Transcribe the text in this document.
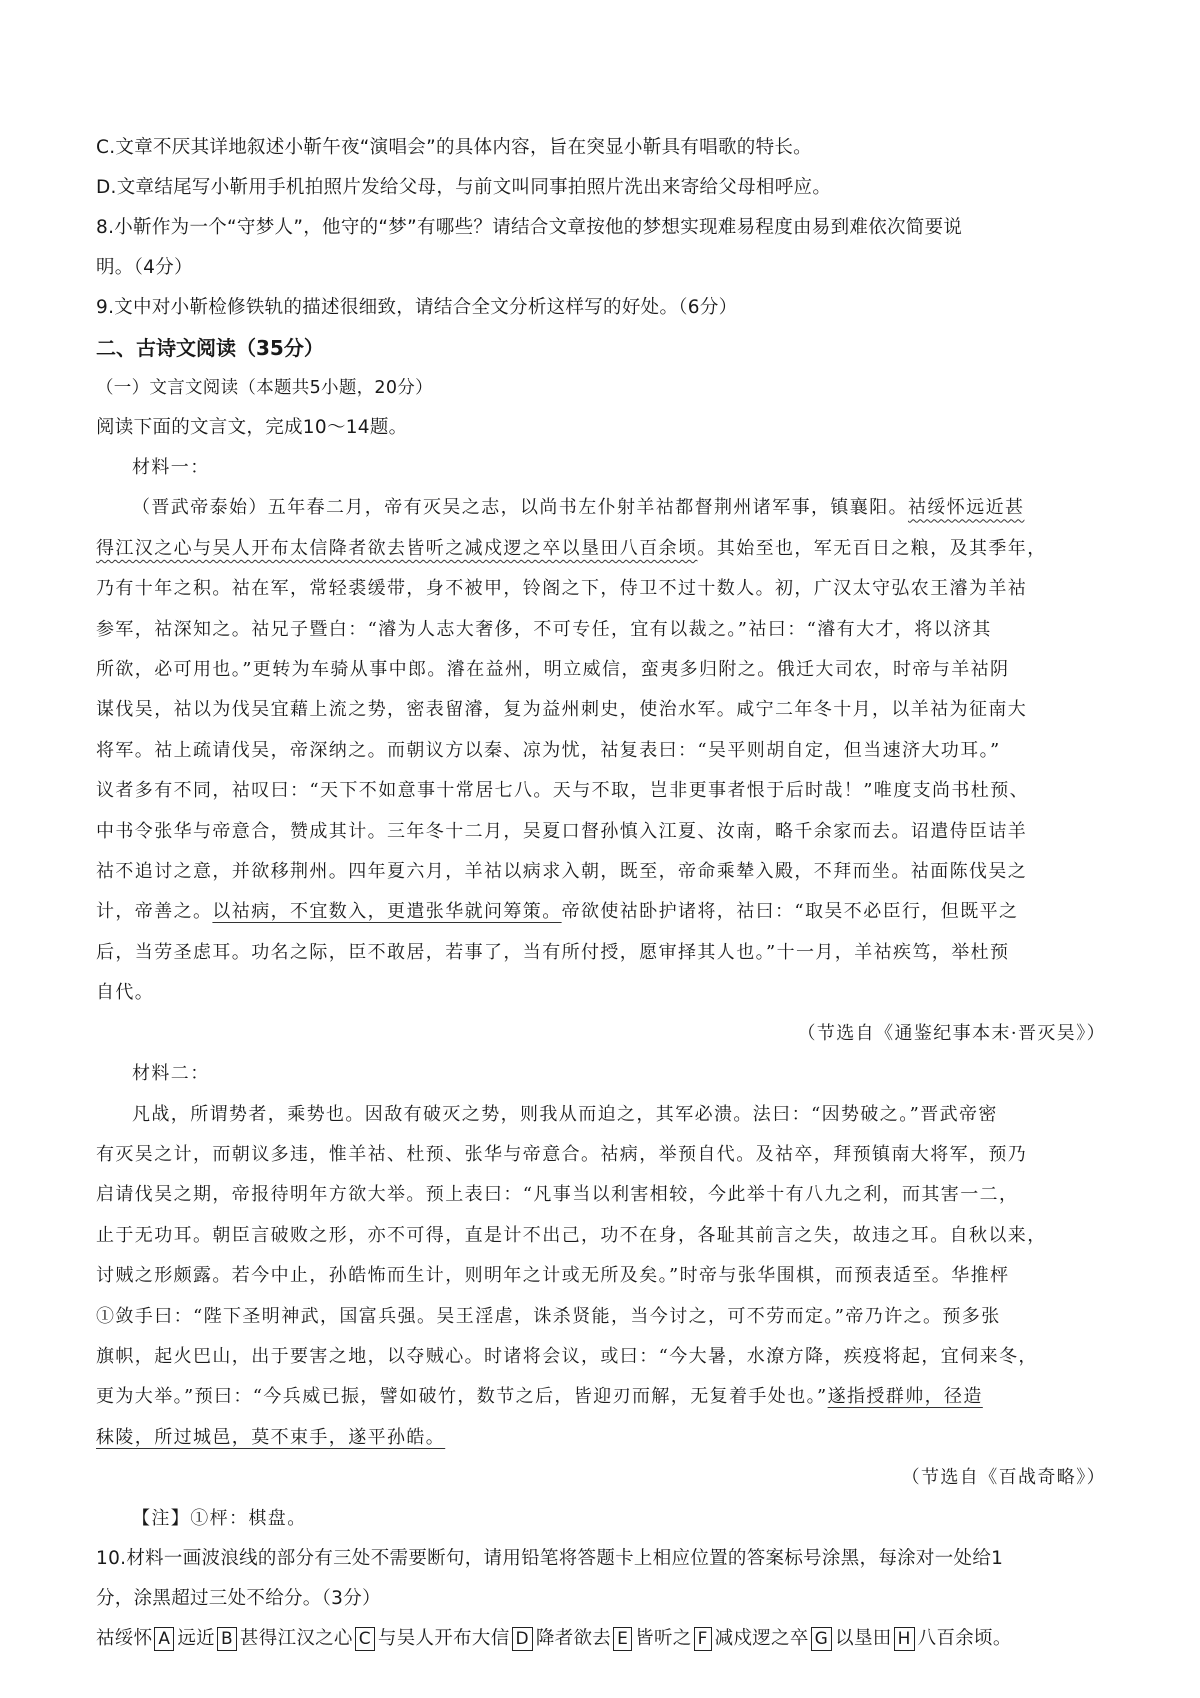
C.文章不厌其详地叙述小靳午夜“演唱会”的具体内容，旨在突显小靳具有唱歌的特长。
D.文章结尾写小靳用手机拍照片发给父母，与前文叫同事拍照片洗出来寄给父母相呼应。
8.小靳作为一个“守梦人”，他守的“梦”有哪些？请结合文章按他的梦想实现难易程度由易到难依次简要说
明。（4分）
9.文中对小靳检修铁轨的描述很细致，请结合全文分析这样写的好处。（6分）
二、古诗文阅读（35分）
（一）文言文阅读（本题共5小题，20分）
阅读下面的文言文，完成10～14题。
材料一：
（晋武帝泰始）五年春二月，帝有灭吴之志，以尚书左仆射羊祜都督荆州诸军事，镇襄阳。祜绥怀远近甚
得江汉之心与吴人开布太信降者欲去皆听之减戍逻之卒以垦田八百余顷。其始至也，军无百日之粮，及其季年，
乃有十年之积。祜在军，常轻裘缓带，身不被甲，铃阁之下，侍卫不过十数人。初，广汉太守弘农王濬为羊祜
参军，祜深知之。祜兄子暨白：“濬为人志大奢侈，不可专任，宜有以裁之。”祜曰：“濬有大才，将以济其
所欲，必可用也。”更转为车骑从事中郎。濬在益州，明立威信，蛮夷多归附之。俄迁大司农，时帝与羊祜阴
谋伐吴，祜以为伐吴宜藉上流之势，密表留濬，复为益州刺史，使治水军。咸宁二年冬十月，以羊祜为征南大
将军。祜上疏请伐吴，帝深纳之。而朝议方以秦、凉为忧，祜复表曰：“吴平则胡自定，但当速济大功耳。”
议者多有不同，祜叹曰：“天下不如意事十常居七八。天与不取，岂非更事者恨于后时哉！”唯度支尚书杜预、
中书令张华与帝意合，赞成其计。三年冬十二月，吴夏口督孙慎入江夏、汝南，略千余家而去。诏遣侍臣诘羊
祜不追讨之意，并欲移荆州。四年夏六月，羊祜以病求入朝，既至，帝命乘辇入殿，不拜而坐。祜面陈伐吴之
计，帝善之。以祜病，不宜数入，更遣张华就问筹策。帝欲使祜卧护诸将，祜曰：“取吴不必臣行，但既平之
后，当劳圣虑耳。功名之际，臣不敢居，若事了，当有所付授，愿审择其人也。”十一月，羊祜疾笃，举杜预
自代。
（节选自《通鉴纪事本末·晋灭吴》）
材料二：
凡战，所谓势者，乘势也。因敌有破灭之势，则我从而迫之，其军必溃。法曰：“因势破之。”晋武帝密
有灭吴之计，而朝议多违，惟羊祜、杜预、张华与帝意合。祜病，举预自代。及祜卒，拜预镇南大将军，预乃
启请伐吴之期，帝报待明年方欲大举。预上表曰：“凡事当以利害相较，今此举十有八九之利，而其害一二，
止于无功耳。朝臣言破败之形，亦不可得，直是计不出己，功不在身，各耻其前言之失，故违之耳。自秋以来，
讨贼之形颇露。若今中止，孙皓怖而生计，则明年之计或无所及矣。”时帝与张华围棋，而预表适至。华推枰
①敛手曰：“陛下圣明神武，国富兵强。吴王淫虐，诛杀贤能，当今讨之，可不劳而定。”帝乃许之。预多张
旗帜，起火巴山，出于要害之地，以夺贼心。时诸将会议，或曰：“今大暑，水潦方降，疾疫将起，宜伺来冬，
更为大举。”预曰：“今兵威已振，譬如破竹，数节之后，皆迎刃而解，无复着手处也。”遂指授群帅，径造
秣陵，所过城邑，莫不束手，遂平孙皓。
（节选自《百战奇略》）
【注】①枰：棋盘。
10.材料一画波浪线的部分有三处不需要断句，请用铅笔将答题卡上相应位置的答案标号涂黑，每涂对一处给1
分，涂黑超过三处不给分。（3分）
祜绥怀 A 远近 B 甚得江汉之心 C 与吴人开布大信 D 降者欲去 E 皆听之 F 减戍逻之卒 G 以垦田 H 八百余顷。
